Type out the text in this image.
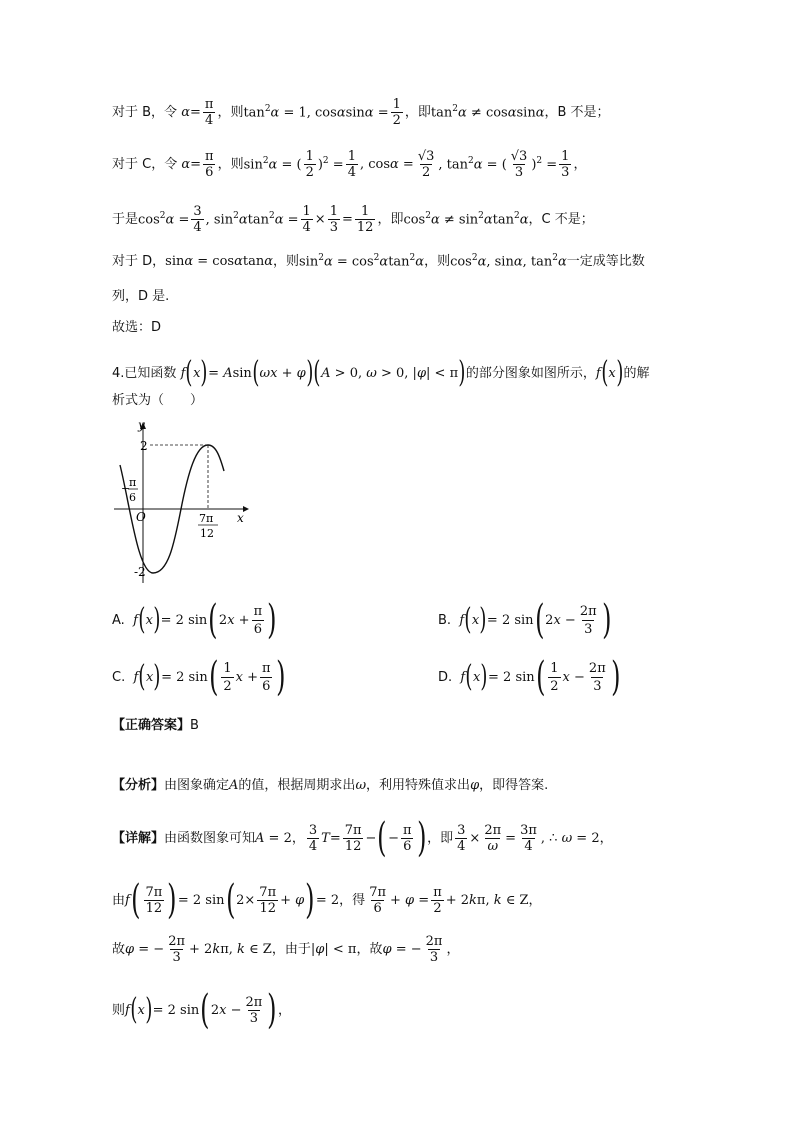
对于 B，令 $\alpha = \frac{\pi}{4}$ ，则 $\tan^2\alpha = 1$, $\cos\alpha\sin\alpha = \frac{1}{2}$ ，即 $\tan^2\alpha \ne \cos\alpha\sin\alpha$ ，B 不是；
对于 C，令 $\alpha = \frac{\pi}{6}$ ，则 $\sin^2\alpha$ = ( $\frac{1}{2} )^2 = \frac{1}{4}$ , $\cos\alpha = \frac{√3}{2}$ , $\tan^2\alpha$ = ( $\frac{√3}{3} )^2 = \frac{1}{3}$ ，
于是 $\cos^2\alpha = \frac{3}{4}$ , $\sin^2\alpha\tan^2\alpha = \frac{1}{4} \times \frac{1}{3} = \frac{1}{12}$ ，即 $\cos^2\alpha \ne \sin^2\alpha\tan^2\alpha$ ，C 不是；
对于 D， sinα = cosαtanα ，则 $\sin^2\alpha = \cos^2\alpha\tan^2\alpha$ ，则 $\cos^2\alpha$, sinα, $\tan^2\alpha$ 一定成等比数
列，D 是.
故选：D
4. 已知函数 f ( x ) = Asin ( ωx + φ ) ( A > 0, ω > 0, |φ| < π ) 的部分图象如图所示， f ( x ) 的解
析式为（　　）
y
x
O
2
-2
−
π
6
7π
12
A. f ( x ) = 2 sin ( $2x + \frac{\pi}{6}$ )	B. f ( x ) = 2 sin ( $2x - \frac{2\pi}{3}$ )
C. f ( x ) = 2 sin ( $\frac{1}{2}$ $x + \frac{\pi}{6}$ )	D. f ( x ) = 2 sin ( $\frac{1}{2}$ $x - \frac{2\pi}{3}$ )
【正确答案】 B
【分析】 由图象确定 A 的值，根据周期求出 ω ，利用特殊值求出 φ ，即得答案.
【详解】 由函数图象可知 A = 2， $\frac{3}{4}$ $T = \frac{7\pi}{12}$ − ( − $\frac{\pi}{6}$ ) ，即 $\frac{3}{4} \times \frac{2\pi}{\omega} = \frac{3\pi}{4}$ , ∴ ω = 2 ，
由 f ( $\frac{7\pi}{12}$ ) = 2 sin ( $2\times \frac{7\pi}{12} + \varphi$ ) = 2 ，得 $\frac{7\pi}{6} + \varphi = \frac{\pi}{2} + 2k\pi$, k ∈ Z ，
故 φ = − $\frac{2\pi}{3} + 2k\pi$, k ∈ Z ，由于 |φ| < π ，故 φ = − $\frac{2\pi}{3}$ ，
则 f ( x ) = 2 sin ( $2x - \frac{2\pi}{3}$ ) ，
